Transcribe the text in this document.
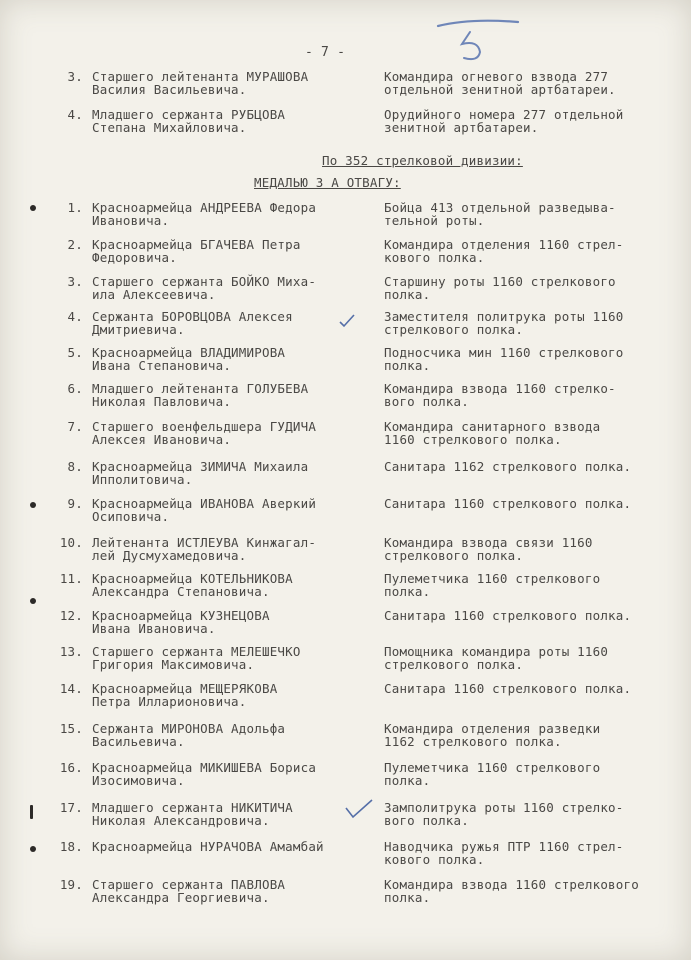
- 7 -
3. Старшего лейтенанта МУРАШОВА
Василия Васильевича.
Командира огневого взвода 277
отдельной зенитной артбатареи.
4. Младшего сержанта РУБЦОВА
Степана Михайловича.
Орудийного номера 277 отдельной
зенитной артбатареи.
По 352 стрелковой дивизии:
МЕДАЛЬЮ З А ОТВАГУ:
1. Красноармейца АНДРЕЕВА Федора
Ивановича.
Бойца 413 отдельной разведыва-
тельной роты.
2. Красноармейца БГАЧЕВА Петра
Федоровича.
Командира отделения 1160 стрел-
кового полка.
3. Старшего сержанта БОЙКО Миха-
ила Алексеевича.
Старшину роты 1160 стрелкового
полка.
4. Сержанта БОРОВЦОВА Алексея
Дмитриевича.
Заместителя политрука роты 1160
стрелкового полка.
5. Красноармейца ВЛАДИМИРОВА
Ивана Степановича.
Подносчика мин 1160 стрелкового
полка.
6. Младшего лейтенанта ГОЛУБЕВА
Николая Павловича.
Командира взвода 1160 стрелко-
вого полка.
7. Старшего военфельдшера ГУДИЧА
Алексея Ивановича.
Командира санитарного взвода
1160 стрелкового полка.
8. Красноармейца ЗИМИЧА Михаила
Ипполитовича.
Санитара 1162 стрелкового полка.
9. Красноармейца ИВАНОВА Аверкий
Осиповича.
Санитара 1160 стрелкового полка.
10. Лейтенанта ИСТЛЕУВА Кинжагал-
лей Дусмухамедовича.
Командира взвода связи 1160
стрелкового полка.
11. Красноармейца КОТЕЛЬНИКОВА
Александра Степановича.
Пулеметчика 1160 стрелкового
полка.
12. Красноармейца КУЗНЕЦОВА
Ивана Ивановича.
Санитара 1160 стрелкового полка.
13. Старшего сержанта МЕЛЕШЕЧКО
Григория Максимовича.
Помощника командира роты 1160
стрелкового полка.
14. Красноармейца МЕЩЕРЯКОВА
Петра Илларионовича.
Санитара 1160 стрелкового полка.
15. Сержанта МИРОНОВА Адольфа
Васильевича.
Командира отделения разведки
1162 стрелкового полка.
16. Красноармейца МИКИШЕВА Бориса
Изосимовича.
Пулеметчика 1160 стрелкового
полка.
17. Младшего сержанта НИКИТИЧА
Николая Александровича.
Замполитрука роты 1160 стрелко-
вого полка.
18. Красноармейца НУРАЧОВА Амамбай	Наводчика ружья ПТР 1160 стрел-
кового полка.
19. Старшего сержанта ПАВЛОВА
Александра Георгиевича.
Командира взвода 1160 стрелкового
полка.
